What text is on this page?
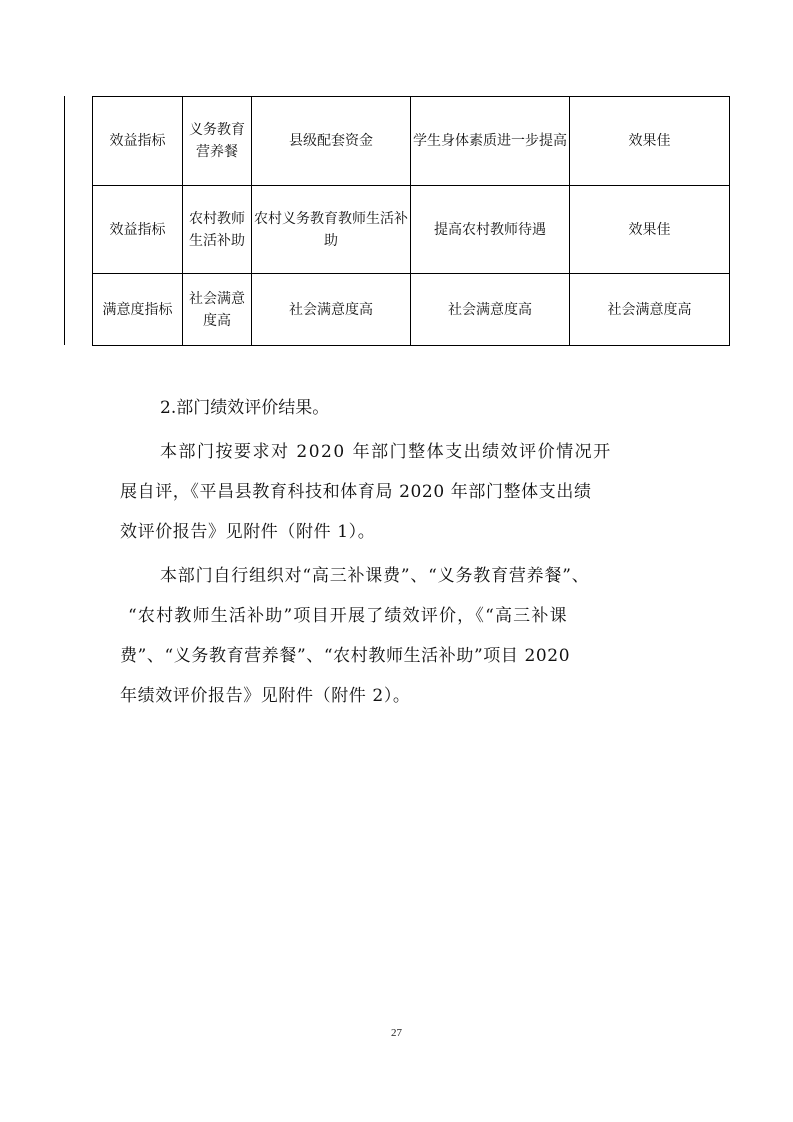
效益指标	义务教育营养餐	县级配套资金	学生身体素质进一步提高	效果佳
效益指标	农村教师生活补助	农村义务教育教师生活补助	提高农村教师待遇	效果佳
满意度指标	社会满意度高	社会满意度高	社会满意度高	社会满意度高
2.部门绩效评价结果。
本部门按要求对 2020 年部门整体支出绩效评价情况开
展自评，《平昌县教育科技和体育局 2020 年部门整体支出绩
效评价报告》见附件（附件 1）。
本部门自行组织对“高三补课费”、“义务教育营养餐”、
“农村教师生活补助”项目开展了绩效评价，《“高三补课
费”、“义务教育营养餐”、“农村教师生活补助”项目 2020
年绩效评价报告》见附件（附件 2）。
27
